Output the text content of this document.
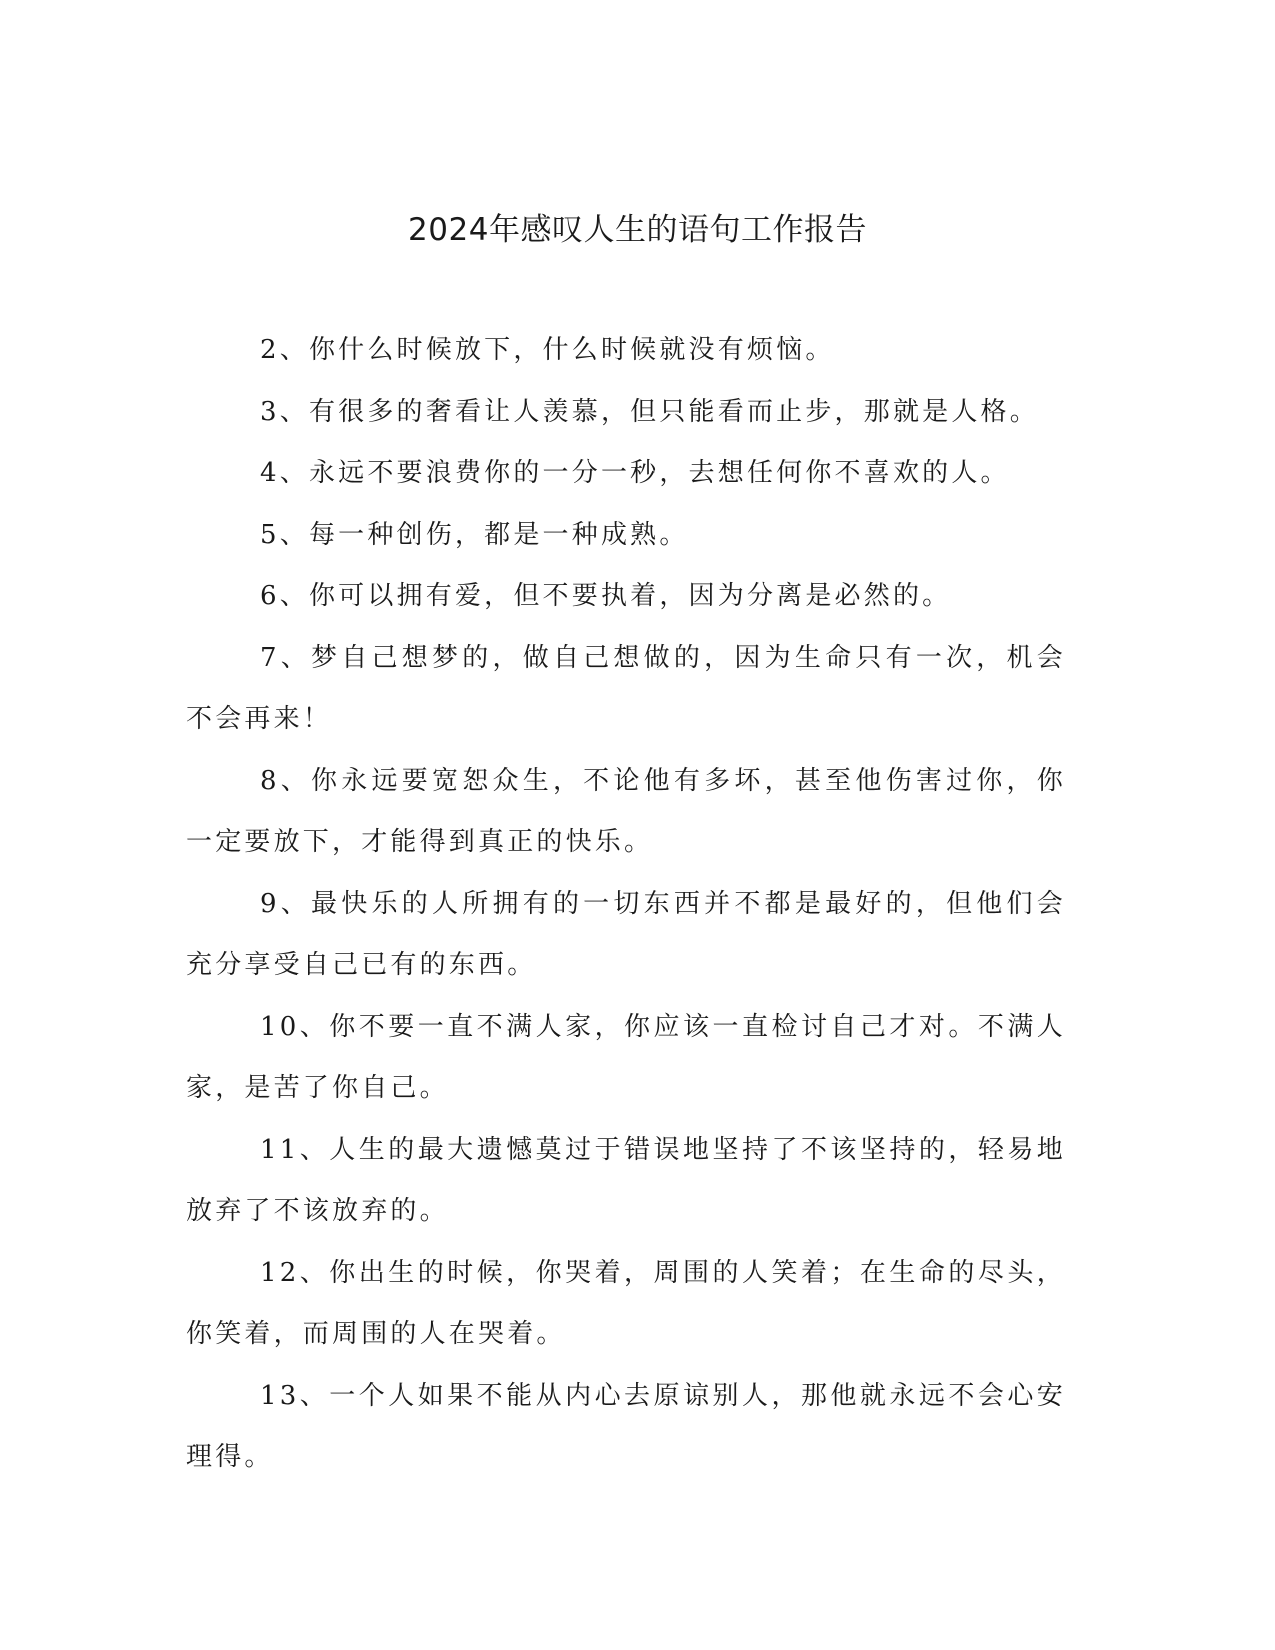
2024年感叹人生的语句工作报告

2、你什么时候放下，什么时候就没有烦恼。

3、有很多的奢看让人羡慕，但只能看而止步，那就是人格。

4、永远不要浪费你的一分一秒，去想任何你不喜欢的人。

5、每一种创伤，都是一种成熟。

6、你可以拥有爱，但不要执着，因为分离是必然的。

7、梦自己想梦的，做自己想做的，因为生命只有一次，机会不会再来！

8、你永远要宽恕众生，不论他有多坏，甚至他伤害过你，你一定要放下，才能得到真正的快乐。

9、最快乐的人所拥有的一切东西并不都是最好的，但他们会充分享受自己已有的东西。

10、你不要一直不满人家，你应该一直检讨自己才对。不满人家，是苦了你自己。

11、人生的最大遗憾莫过于错误地坚持了不该坚持的，轻易地放弃了不该放弃的。

12、你出生的时候，你哭着，周围的人笑着；在生命的尽头，你笑着，而周围的人在哭着。

13、一个人如果不能从内心去原谅别人，那他就永远不会心安理得。
